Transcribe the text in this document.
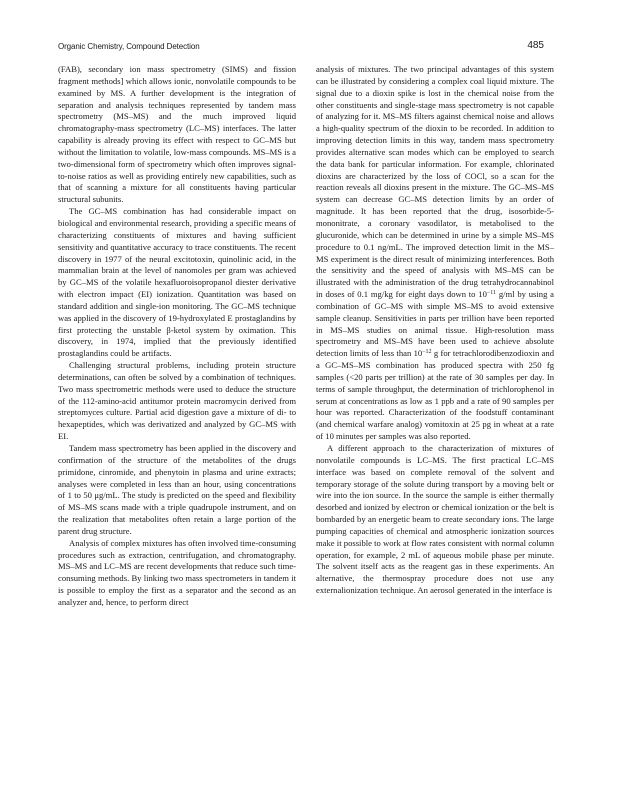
Organic Chemistry, Compound Detection	485

(FAB), secondary ion mass spectrometry (SIMS) and fission fragment methods] which allows ionic, nonvolatile compounds to be examined by MS. A further development is the integration of separation and analysis techniques represented by tandem mass spectrometry (MS–MS) and the much improved liquid chromatography-mass spectrometry (LC–MS) interfaces. The latter capability is already proving its effect with respect to GC–MS but without the limitation to volatile, low-mass compounds. MS–MS is a two-dimensional form of spectrometry which often improves signal-to-noise ratios as well as providing entirely new capabilities, such as that of scanning a mixture for all constituents having particular structural subunits.

The GC–MS combination has had considerable impact on biological and environmental research, providing a specific means of characterizing constituents of mixtures and having sufficient sensitivity and quantitative accuracy to trace constituents. The recent discovery in 1977 of the neural excitotoxin, quinolinic acid, in the mammalian brain at the level of nanomoles per gram was achieved by GC–MS of the volatile hexafluoroisopropanol diester derivative with electron impact (EI) ionization. Quantitation was based on standard addition and single-ion monitoring. The GC–MS technique was applied in the discovery of 19-hydroxylated E prostaglandins by first protecting the unstable β-ketol system by oximation. This discovery, in 1974, implied that the previously identified prostaglandins could be artifacts.

Challenging structural problems, including protein structure determinations, can often be solved by a combination of techniques. Two mass spectrometric methods were used to deduce the structure of the 112-amino-acid antitumor protein macromycin derived from streptomyces culture. Partial acid digestion gave a mixture of di- to hexapeptides, which was derivatized and analyzed by GC–MS with EI.

Tandem mass spectrometry has been applied in the discovery and confirmation of the structure of the metabolites of the drugs primidone, cinromide, and phenytoin in plasma and urine extracts; analyses were completed in less than an hour, using concentrations of 1 to 50 μg/mL. The study is predicted on the speed and flexibility of MS–MS scans made with a triple quadrupole instrument, and on the realization that metabolites often retain a large portion of the parent drug structure.

Analysis of complex mixtures has often involved time-consuming procedures such as extraction, centrifugation, and chromatography. MS–MS and LC–MS are recent developments that reduce such time-consuming methods. By linking two mass spectrometers in tandem it is possible to employ the first as a separator and the second as an analyzer and, hence, to perform direct

analysis of mixtures. The two principal advantages of this system can be illustrated by considering a complex coal liquid mixture. The signal due to a dioxin spike is lost in the chemical noise from the other constituents and single-stage mass spectrometry is not capable of analyzing for it. MS–MS filters against chemical noise and allows a high-quality spectrum of the dioxin to be recorded. In addition to improving detection limits in this way, tandem mass spectrometry provides alternative scan modes which can be employed to search the data bank for particular information. For example, chlorinated dioxins are characterized by the loss of COCl, so a scan for the reaction reveals all dioxins present in the mixture. The GC–MS–MS system can decrease GC–MS detection limits by an order of magnitude. It has been reported that the drug, isosorbide-5-mononitrate, a coronary vasodilator, is metabolised to the glucuronide, which can be determined in urine by a simple MS–MS procedure to 0.1 ng/mL. The improved detection limit in the MS–MS experiment is the direct result of minimizing interferences. Both the sensitivity and the speed of analysis with MS–MS can be illustrated with the administration of the drug tetrahydrocannabinol in doses of 0.1 mg/kg for eight days down to $10^{-11}$ g/ml by using a combination of GC–MS with simple MS–MS to avoid extensive sample cleanup. Sensitivities in parts per trillion have been reported in MS–MS studies on animal tissue. High-resolution mass spectrometry and MS–MS have been used to achieve absolute detection limits of less than $10^{-12}$ g for tetrachlorodibenzodioxin and a GC–MS–MS combination has produced spectra with 250 fg samples (<20 parts per trillion) at the rate of 30 samples per day. In terms of sample throughput, the determination of trichlorophenol in serum at concentrations as low as 1 ppb and a rate of 90 samples per hour was reported. Characterization of the foodstuff contaminant (and chemical warfare analog) vomitoxin at 25 pg in wheat at a rate of 10 minutes per samples was also reported.

A different approach to the characterization of mixtures of nonvolatile compounds is LC–MS. The first practical LC–MS interface was based on complete removal of the solvent and temporary storage of the solute during transport by a moving belt or wire into the ion source. In the source the sample is either thermally desorbed and ionized by electron or chemical ionization or the belt is bombarded by an energetic beam to create secondary ions. The large pumping capacities of chemical and atmospheric ionization sources make it possible to work at flow rates consistent with normal column operation, for example, 2 mL of aqueous mobile phase per minute. The solvent itself acts as the reagent gas in these experiments. An alternative, the thermospray procedure does not use any externalionization technique. An aerosol generated in the interface is
